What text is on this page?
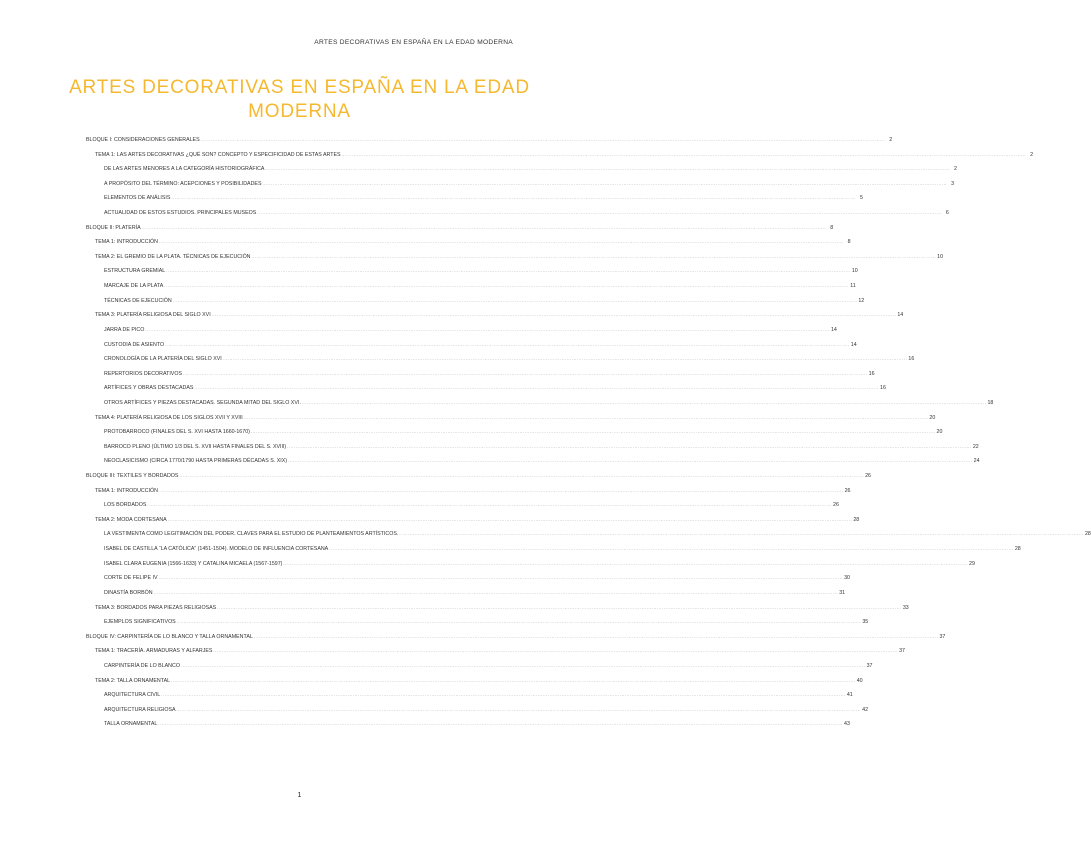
ARTES DECORATIVAS EN ESPAÑA EN LA EDAD MODERNA
ARTES DECORATIVAS EN ESPAÑA EN LA EDAD
MODERNA
BLOQUE I: CONSIDERACIONES GENERALES ................................................................................................................................................................................................................................................................................................................................................................................................................ 2
TEMA 1: LAS ARTES DECORATIVAS ¿QUÉ SON? CONCEPTO Y ESPECIFICIDAD DE ESTAS ARTES ................................................................................................................................................................................................................................................................................................................................................................................................................ 2
DE LAS ARTES MENORES A LA CATEGORÍA HISTORIOGRÁFICA ................................................................................................................................................................................................................................................................................................................................................................................................................ 2
A PROPÓSITO DEL TÉRMINO: ACEPCIONES Y POSIBILIDADES ................................................................................................................................................................................................................................................................................................................................................................................................................ 3
ELEMENTOS DE ANÁLISIS ................................................................................................................................................................................................................................................................................................................................................................................................................ 5
ACTUALIDAD DE ESTOS ESTUDIOS. PRINCIPALES MUSEOS ................................................................................................................................................................................................................................................................................................................................................................................................................ 6
BLOQUE II: PLATERÍA ................................................................................................................................................................................................................................................................................................................................................................................................................ 8
TEMA 1: INTRODUCCIÓN ................................................................................................................................................................................................................................................................................................................................................................................................................ 8
TEMA 2: EL GREMIO DE LA PLATA. TÉCNICAS DE EJECUCIÓN ................................................................................................................................................................................................................................................................................................................................................................................................................ 10
ESTRUCTURA GREMIAL ................................................................................................................................................................................................................................................................................................................................................................................................................ 10
MARCAJE DE LA PLATA ................................................................................................................................................................................................................................................................................................................................................................................................................ 11
TÉCNICAS DE EJECUCIÓN ................................................................................................................................................................................................................................................................................................................................................................................................................ 12
TEMA 3: PLATERÍA RELIGIOSA DEL SIGLO XVI ................................................................................................................................................................................................................................................................................................................................................................................................................ 14
JARRA DE PICO ................................................................................................................................................................................................................................................................................................................................................................................................................ 14
CUSTODIA DE ASIENTO ................................................................................................................................................................................................................................................................................................................................................................................................................ 14
CRONOLOGÍA DE LA PLATERÍA DEL SIGLO XVI ................................................................................................................................................................................................................................................................................................................................................................................................................ 16
REPERTORIOS DECORATIVOS ................................................................................................................................................................................................................................................................................................................................................................................................................ 16
ARTÍFICES Y OBRAS DESTACADAS ................................................................................................................................................................................................................................................................................................................................................................................................................ 16
OTROS ARTÍFICES Y PIEZAS DESTACADAS. SEGUNDA MITAD DEL SIGLO XVI. ................................................................................................................................................................................................................................................................................................................................................................................................................ 18
TEMA 4: PLATERÍA RELIGIOSA DE LOS SIGLOS XVII Y XVIII ................................................................................................................................................................................................................................................................................................................................................................................................................ 20
PROTOBARROCO (FINALES DEL S. XVI HASTA 1660-1670) ................................................................................................................................................................................................................................................................................................................................................................................................................ 20
BARROCO PLENO (ÚLTIMO 1/3 DEL S. XVII HASTA FINALES DEL S. XVIII) ................................................................................................................................................................................................................................................................................................................................................................................................................ 22
NEOCLASICISMO (CIRCA 1770/1790 HASTA PRIMERAS DÉCADAS S. XIX) ................................................................................................................................................................................................................................................................................................................................................................................................................ 24
BLOQUE III: TEXTILES Y BORDADOS ................................................................................................................................................................................................................................................................................................................................................................................................................ 26
TEMA 1: INTRODUCCIÓN ................................................................................................................................................................................................................................................................................................................................................................................................................ 26
LOS BORDADOS ................................................................................................................................................................................................................................................................................................................................................................................................................ 26
TEMA 2: MODA CORTESANA ................................................................................................................................................................................................................................................................................................................................................................................................................ 28
LA VESTIMENTA COMO LEGITIMACIÓN DEL PODER. CLAVES PARA EL ESTUDIO DE PLANTEAMIENTOS ARTÍSTICOS. ................................................................................................................................................................................................................................................................................................................................................................................................................ 28
ISABEL DE CASTILLA “LA CATÓLICA” (1451-1504). MODELO DE INFLUENCIA CORTESANA ................................................................................................................................................................................................................................................................................................................................................................................................................ 28
ISABEL CLARA EUGENIA (1566-1633) Y CATALINA MICAELA (1567-1597) ................................................................................................................................................................................................................................................................................................................................................................................................................ 29
CORTE DE FELIPE IV ................................................................................................................................................................................................................................................................................................................................................................................................................ 30
DINASTÍA BORBÓN ................................................................................................................................................................................................................................................................................................................................................................................................................ 31
TEMA 3: BORDADOS PARA PIEZAS RELIGIOSAS ................................................................................................................................................................................................................................................................................................................................................................................................................ 33
EJEMPLOS SIGNIFICATIVOS ................................................................................................................................................................................................................................................................................................................................................................................................................ 35
BLOQUE IV: CARPINTERÍA DE LO BLANCO Y TALLA ORNAMENTAL ................................................................................................................................................................................................................................................................................................................................................................................................................ 37
TEMA 1: TRACERÍA. ARMADURAS Y ALFARJES ................................................................................................................................................................................................................................................................................................................................................................................................................ 37
CARPINTERÍA DE LO BLANCO ................................................................................................................................................................................................................................................................................................................................................................................................................ 37
TEMA 2: TALLA ORNAMENTAL ................................................................................................................................................................................................................................................................................................................................................................................................................ 40
ARQUITECTURA CIVIL ................................................................................................................................................................................................................................................................................................................................................................................................................ 41
ARQUITECTURA RELIGIOSA ................................................................................................................................................................................................................................................................................................................................................................................................................ 42
TALLA ORNAMENTAL ................................................................................................................................................................................................................................................................................................................................................................................................................ 43
1
